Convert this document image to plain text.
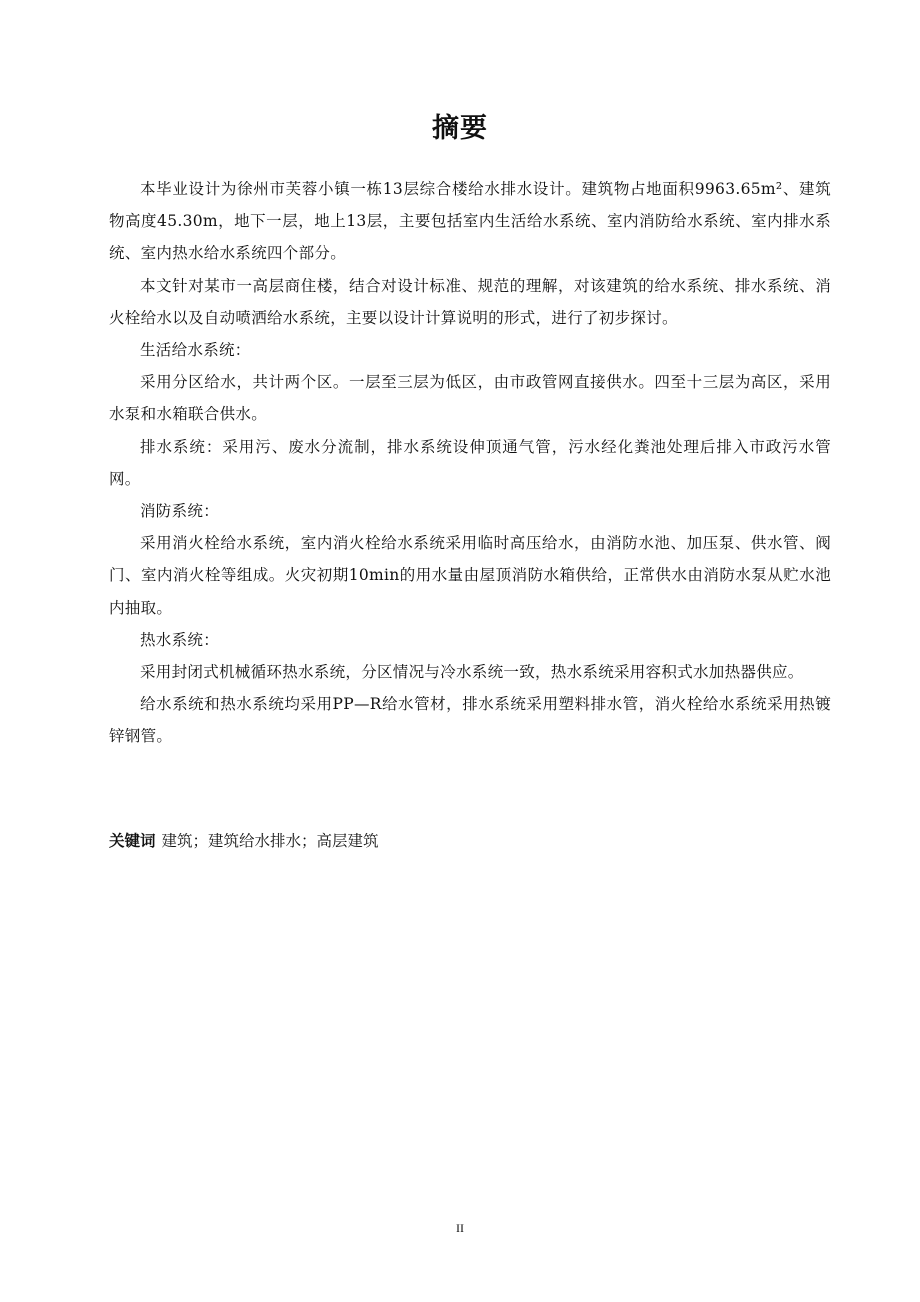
摘要

本毕业设计为徐州市芙蓉小镇一栋13层综合楼给水排水设计。建筑物占地面积9963.65m²、建筑物高度45.30m，地下一层，地上13层，主要包括室内生活给水系统、室内消防给水系统、室内排水系统、室内热水给水系统四个部分。

本文针对某市一高层商住楼，结合对设计标准、规范的理解，对该建筑的给水系统、排水系统、消火栓给水以及自动喷洒给水系统，主要以设计计算说明的形式，进行了初步探讨。

生活给水系统：

采用分区给水，共计两个区。一层至三层为低区，由市政管网直接供水。四至十三层为高区，采用水泵和水箱联合供水。

排水系统：采用污、废水分流制，排水系统设伸顶通气管，污水经化粪池处理后排入市政污水管网。

消防系统：

采用消火栓给水系统，室内消火栓给水系统采用临时高压给水，由消防水池、加压泵、供水管、阀门、室内消火栓等组成。火灾初期10min的用水量由屋顶消防水箱供给，正常供水由消防水泵从贮水池内抽取。

热水系统：

采用封闭式机械循环热水系统，分区情况与冷水系统一致，热水系统采用容积式水加热器供应。

给水系统和热水系统均采用PP—R给水管材，排水系统采用塑料排水管，消火栓给水系统采用热镀锌钢管。

关键词 建筑；建筑给水排水；高层建筑
II
